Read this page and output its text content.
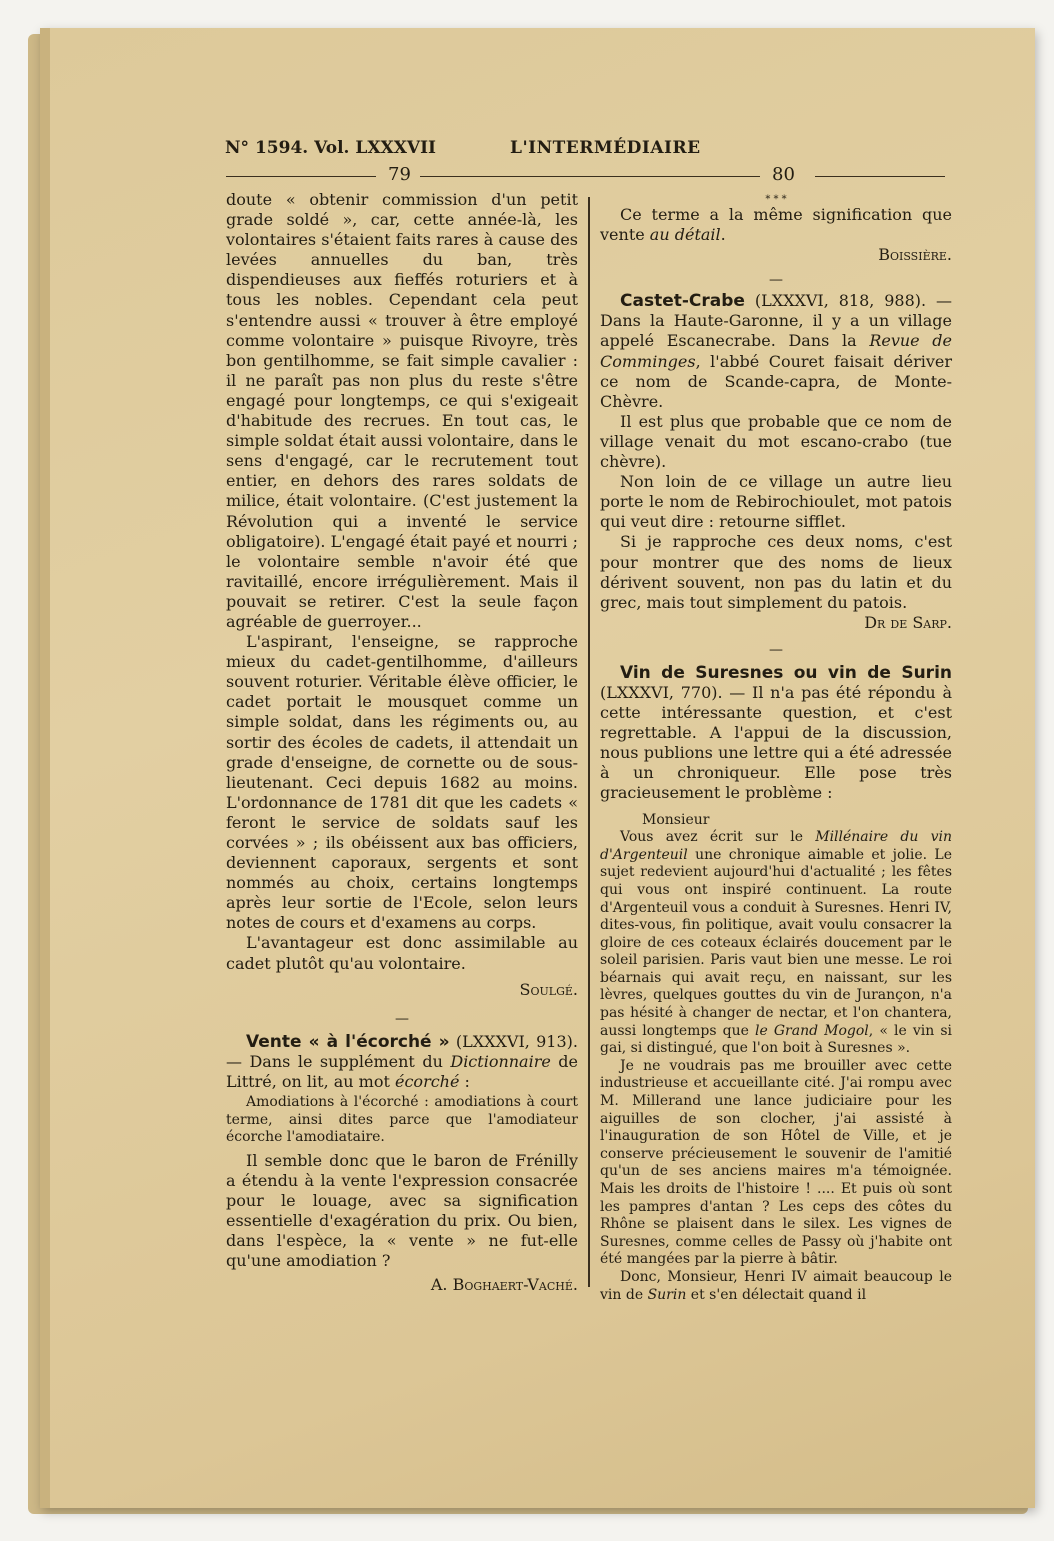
N° 1594. Vol. LXXXVII	L'INTERMÉDIAIRE
79	80

doute « obtenir commission d'un petit grade soldé », car, cette année-là, les volontaires s'étaient faits rares à cause des levées annuelles du ban, très dispendieuses aux fieffés roturiers et à tous les nobles. Cependant cela peut s'entendre aussi « trouver à être employé comme volontaire » puisque Rivoyre, très bon gentilhomme, se fait simple cavalier : il ne paraît pas non plus du reste s'être engagé pour longtemps, ce qui s'exigeait d'habitude des recrues. En tout cas, le simple soldat était aussi volontaire, dans le sens d'engagé, car le recrutement tout entier, en dehors des rares soldats de milice, était volontaire. (C'est justement la Révolution qui a inventé le service obligatoire). L'engagé était payé et nourri ; le volontaire semble n'avoir été que ravitaillé, encore irrégulièrement. Mais il pouvait se retirer. C'est la seule façon agréable de guerroyer...

L'aspirant, l'enseigne, se rapproche mieux du cadet-gentilhomme, d'ailleurs souvent roturier. Véritable élève officier, le cadet portait le mousquet comme un simple soldat, dans les régiments ou, au sortir des écoles de cadets, il attendait un grade d'enseigne, de cornette ou de sous-lieutenant. Ceci depuis 1682 au moins. L'ordonnance de 1781 dit que les cadets « feront le service de soldats sauf les corvées » ; ils obéissent aux bas officiers, deviennent caporaux, sergents et sont nommés au choix, certains longtemps après leur sortie de l'Ecole, selon leurs notes de cours et d'examens au corps.

L'avantageur est donc assimilable au cadet plutôt qu'au volontaire.

Soulgé.

—

Vente « à l'écorché » (LXXXVI, 913). — Dans le supplément du Dictionnaire de Littré, on lit, au mot écorché :

Amodiations à l'écorché : amodiations à court terme, ainsi dites parce que l'amodiateur écorche l'amodiataire.

Il semble donc que le baron de Frénilly a étendu à la vente l'expression consacrée pour le louage, avec sa signification essentielle d'exagération du prix. Ou bien, dans l'espèce, la « vente » ne fut-elle qu'une amodiation ?

A. Boghaert-Vaché.

* * *

Ce terme a la même signification que vente au détail.

Boissière.

—

Castet-Crabe (LXXXVI, 818, 988). — Dans la Haute-Garonne, il y a un village appelé Escanecrabe. Dans la Revue de Comminges, l'abbé Couret faisait dériver ce nom de Scande-capra, de Monte-Chèvre.

Il est plus que probable que ce nom de village venait du mot escano-crabo (tue chèvre).

Non loin de ce village un autre lieu porte le nom de Rebirochioulet, mot patois qui veut dire : retourne sifflet.

Si je rapproche ces deux noms, c'est pour montrer que des noms de lieux dérivent souvent, non pas du latin et du grec, mais tout simplement du patois.

Dr de Sarp.

—

Vin de Suresnes ou vin de Surin (LXXXVI, 770). — Il n'a pas été répondu à cette intéressante question, et c'est regrettable. A l'appui de la discussion, nous publions une lettre qui a été adressée à un chroniqueur. Elle pose très gracieusement le problème :

Monsieur

Vous avez écrit sur le Millénaire du vin d'Argenteuil une chronique aimable et jolie. Le sujet redevient aujourd'hui d'actualité ; les fêtes qui vous ont inspiré continuent. La route d'Argenteuil vous a conduit à Suresnes. Henri IV, dites-vous, fin politique, avait voulu consacrer la gloire de ces coteaux éclairés doucement par le soleil parisien. Paris vaut bien une messe. Le roi béarnais qui avait reçu, en naissant, sur les lèvres, quelques gouttes du vin de Jurançon, n'a pas hésité à changer de nectar, et l'on chantera, aussi longtemps que le Grand Mogol, « le vin si gai, si distingué, que l'on boit à Suresnes ».

Je ne voudrais pas me brouiller avec cette industrieuse et accueillante cité. J'ai rompu avec M. Millerand une lance judiciaire pour les aiguilles de son clocher, j'ai assisté à l'inauguration de son Hôtel de Ville, et je conserve précieusement le souvenir de l'amitié qu'un de ses anciens maires m'a témoignée. Mais les droits de l'histoire ! .... Et puis où sont les pampres d'antan ? Les ceps des côtes du Rhône se plaisent dans le silex. Les vignes de Suresnes, comme celles de Passy où j'habite ont été mangées par la pierre à bâtir.

Donc, Monsieur, Henri IV aimait beaucoup le vin de Surin et s'en délectait quand il
